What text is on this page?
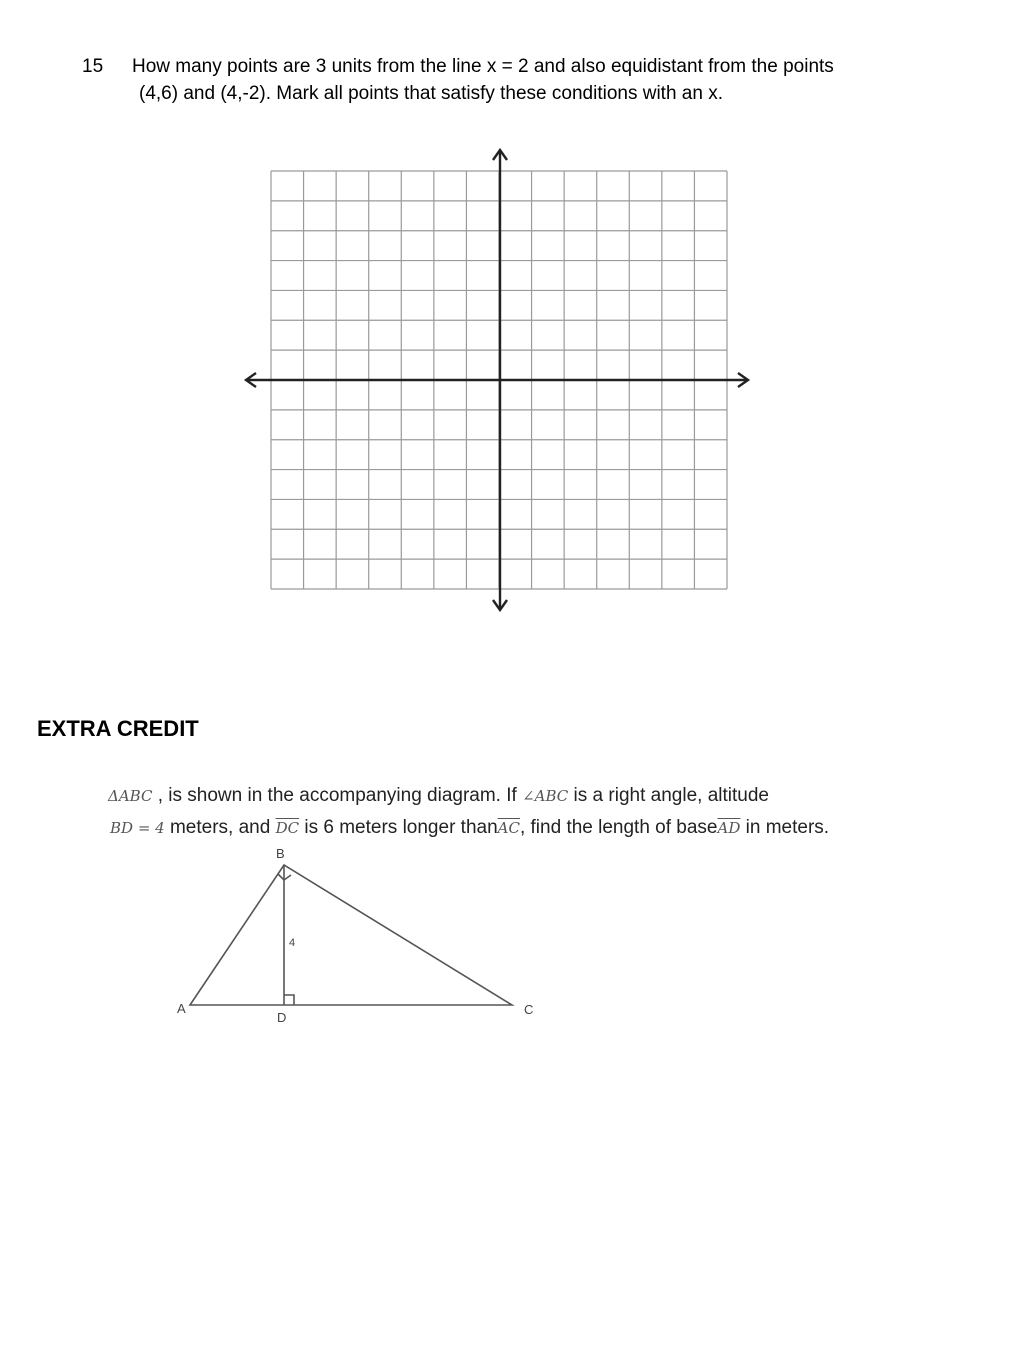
15 How many points are 3 units from the line x = 2 and also equidistant from the points
(4,6) and (4,-2). Mark all points that satisfy these conditions with an x.
EXTRA CREDIT
ΔABC , is shown in the accompanying diagram. If ∠ABC is a right angle, altitude
BD = 4 meters, and $\overline{DC}$ is 6 meters longer $than\overline{AC}$, find the length of $base\overline{AD}$ in meters.
B
A
D
C
4
